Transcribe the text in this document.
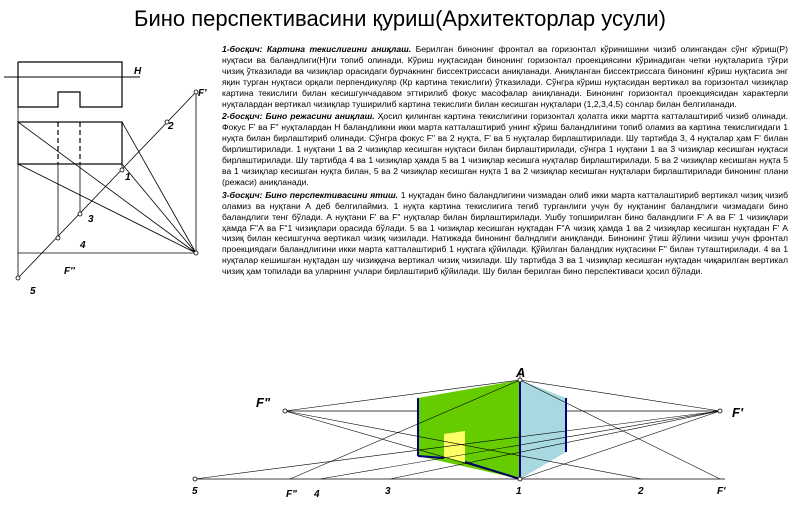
Бино перспективасини қуриш(Архитекторлар усули)

1-босқич: Картина текислигини аниқлаш. Берилган бинонинг фронтал ва горизонтал кўринишини чизиб олингандан сўнг кўриш(Р) нуқтаси ва баландлиги(Н)ги топиб олинади. Кўриш нуқтасидан бинонинг горизонтал проекциясини кўринадиган четки нуқталарига тўғри чизиқ ўтказилади ва чизиқлар орасидаги бурчакнинг биссектриссаси аниқланади. Аниқланган биссектриссага бинонинг кўриш нуқтасига энг яқин турган нуқтаси орқали перпендикуляр (Кр картина текислиги) ўтказилади. Сўнгра кўриш нуқтасидан вертикал ва горизонтал чизиқлар картина текислиги билан кесишгунчадавом эттирилиб фокус масофалар аниқланади. Бинонинг горизонтал проекциясидан характерли нуқталардан вертикал чизиқлар туширилиб картина текислиги билан кесишган нуқталари (1,2,3,4,5) сонлар билан белгиланади.

2-босқич: Бино режасини аниқлаш. Ҳосил қилинган картина текислигини горизонтал ҳолатга икки мартта катталаштириб чизиб олинади. Фокус F' ва F" нуқталардан Н баландликни икки марта катталаштириб унинг кўриш баландлигини топиб оламиз ва картина текислигидаги 1 нуқта билан бирлаштириб олинади. Сўнгра фокус F" ва 2 нуқта, F' ва 5 нуқталар бирлаштирилади. Шу тартибда 3, 4 нуқталар ҳам F' билан бирлиштирилади. 1 нуқтани 1 ва 2 чизиқлар кесишган нуқтаси билан бирлаштирилади, сўнгра 1 нуқтани 1 ва 3 чизиқлар кесишган нуқтаси бирлаштирилади. Шу тартибда 4 ва 1 чизиқлар ҳамда 5 ва 1 чизиқлар кесишга нуқталар бирлаштирилади. 5 ва 2 чизиқлар кесишган нуқта 5 ва 1 чизиқлар кесишган нуқта билан, 5 ва 2 чизиқлар кесишган нуқта 1 ва 2 чизиқлар кесишган нуқталари бирлаштирилади бинонинг плани (режаси) аниқланади.

3-босқич: Бино перспективасини ятиш. 1 нуқтадан бино баландлигини чизмадан олиб икки марта катталаштириб вертикал чизиқ чизиб оламиз ва нуқтани А деб белгилаймиз. 1 нуқта картина текислигига тегиб турганлиги учун бу нуқтанинг баландлиги чизмадаги бино баландлиги тенг бўлади. А нуқтани F' ва F" нуқталар билан бирлаштирилади. Ушбу топширилган бино баландлиги F' А ва F' 1 чизиқлари ҳамда F"А ва F"1 чизиқлари орасида бўлади. 5 ва 1 чизиқлар кесишган нуқтадан F"А чизиқ ҳамда 1 ва 2 чизиқлар кесишган нуқтадан F' А чизиқ билан кесишгунча вертикал чизиқ чизилади. Натижада бинонинг балндлиги аниқланди. Бинонинг ўтиш йўлини чизиш учун фронтал проекциядаги баландлигини икки марта катталаштириб 1 нуқтага қўйилади. Қўйилган баландлик нуқтасини F" билан туташтирилади. 4 ва 1 нуқталар кешишган нуқтадан шу чизиққача вертикал чизиқ чизилади. Шу тартибда 3 ва 1 чизиқлар кесишган нуқтадан чиқарилган вертикал чизиқ ҳам топилади ва уларнинг учлари бирлаштириб қўйилади. Шу билан берилган бино перспективаси ҳосил бўлади.

H
F'
2
1
3
4
F''
5
A
F"
F'
5	F" 4	3	1	2	F'
